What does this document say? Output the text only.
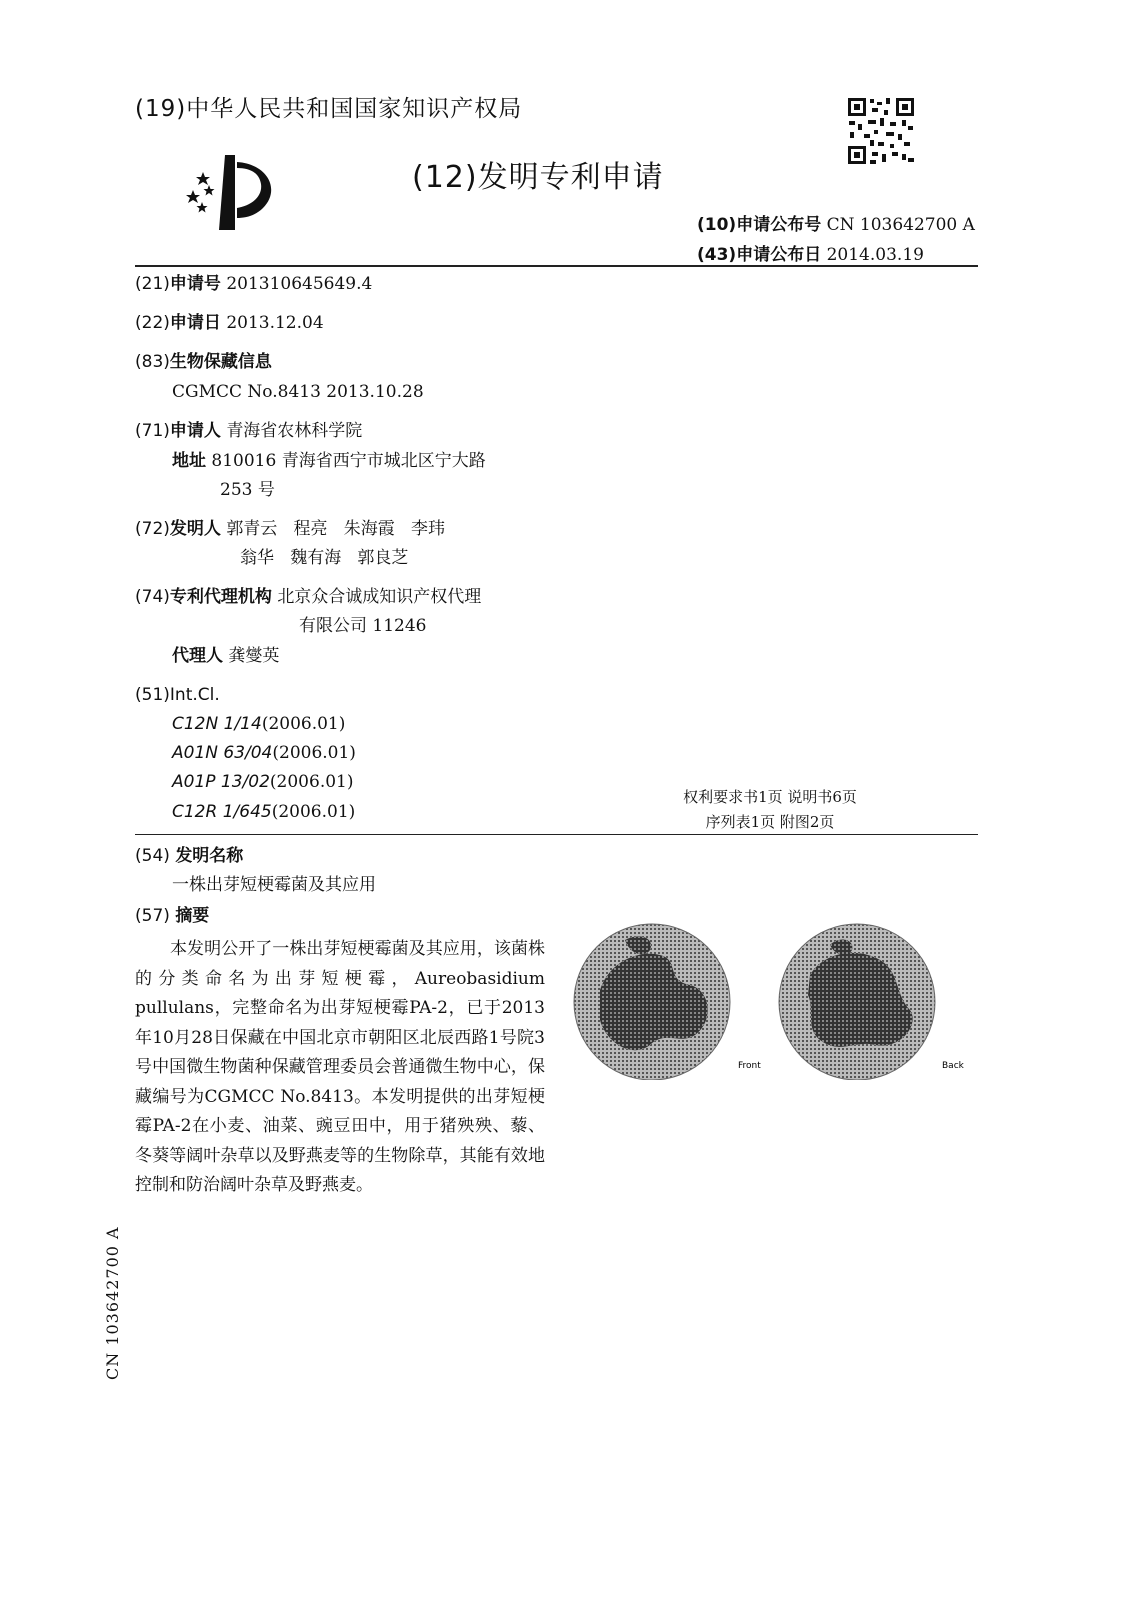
(19)中华人民共和国国家知识产权局
(12)发明专利申请
(10)申请公布号 CN 103642700 A
(43)申请公布日 2014.03.19
(21)申请号 201310645649.4
(22)申请日 2013.12.04
(83)生物保藏信息
CGMCC No.8413 2013.10.28
(71)申请人 青海省农林科学院
地址 810016 青海省西宁市城北区宁大路
253 号
(72)发明人 郭青云   程亮   朱海霞   李玮
翁华   魏有海   郭良芝
(74)专利代理机构 北京众合诚成知识产权代理
有限公司 11246
代理人 龚燮英
(51)Int.Cl.
C12N 1/14(2006.01)
A01N 63/04(2006.01)
A01P 13/02(2006.01)
C12R 1/645(2006.01)
权利要求书1页 说明书6页
序列表1页 附图2页
(54) 发明名称
一株出芽短梗霉菌及其应用
(57) 摘要
本发明公开了一株出芽短梗霉菌及其应用，该菌株的分类命名为出芽短梗霉，Aureobasidium pullulans，完整命名为出芽短梗霉PA-2，已于2013年10月28日保藏在中国北京市朝阳区北辰西路1号院3号中国微生物菌种保藏管理委员会普通微生物中心，保藏编号为CGMCC No.8413。本发明提供的出芽短梗霉PA-2在小麦、油菜、豌豆田中，用于猪殃殃、藜、冬葵等阔叶杂草以及野燕麦等的生物除草，其能有效地控制和防治阔叶杂草及野燕麦。
Front	Back
CN 103642700 A
